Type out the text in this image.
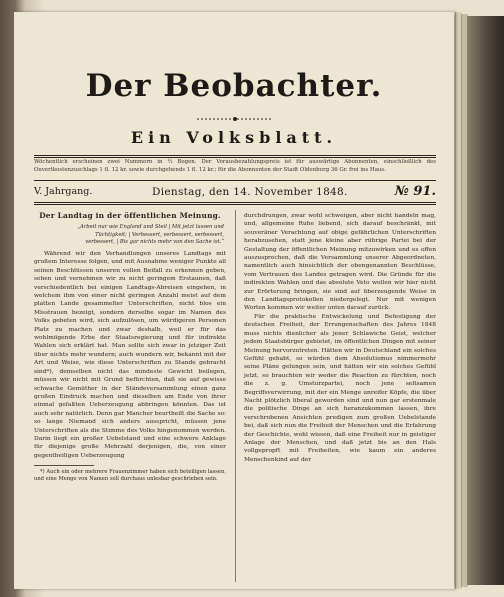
Der Beobachter.
Ein Volksblatt.
Wöchentlich erscheinen zwei Nummern in ½ Bogen. Der Vorausbezahlungspreis ist für auswärtige Abonnenten, einschließlich des Ouvertkostenzuschlags 1 fl. 12 kr. sowie durchgehends 1 fl. 12 kr.; für die Abonnenten der Stadt Oldenburg 36 Gr. frei ins Haus.
V. Jahrgang.	Dienstag, den 14. November 1848.	№ 91.
Der Landtag in der öffentlichen Meinung.
„Arbeit nur wie England und Steil | Mit jetzt lassen und Tüchtigkeit; | Verbessert, verbessert, verbessert, verbessert, | Bis gar nichts mehr von den Sache ist.“

Während wir den Verhandlungen unseres Landtags mit großem Interesse folgen, und mit Ausnahme weniger Punkte all seinen Beschlüssen unseren vollen Beifall zu erkennen geben, sehen und vernehmen wir zu nicht geringem Erstaunen, daß verschiedentlich bei einigen Landtags-Abreisen eingehen, in welchem ihm von einer nicht geringen Anzahl meist auf dem platten Lande gesammelter Unterschriften, nicht blos ein Misstrauen bezeigt, sondern derselbe sogar im Namen des Volks gebeten wird, sich aufzulösen, um würdigeren Personen Platz zu machen und zwar deshalb, weil er für das wohlmögende Erbe der Staatsregierung und für indirekte Wahlen sich erklärt hat. Man sollte sich zwar in jetziger Zeit über nichts mehr wundern; auch wundern wir, bekannt mit der Art und Weise, wie diese Unterschriften zu Stande gebracht sind*), demselben nicht das mindeste Gewicht beilegen, müssen wir nicht mit Grund befürchten, daß sie auf gewisse schwache Gemüther in der Ständeversammlung einen ganz großen Eindruck machen und dieselben am Ende von ihrer einmal gefaßten Ueberzeugung abbringen könnten. Das ist auch sehr natürlich. Denn gar Mancher beurtheilt die Sache so: so lange Niemand sich anders ausspricht, müssen jene Unterschriften als die Stimme des Volks hingenommen werden. Darin liegt ein großer Uebelstand und eine schwere Anklage für diejenige große Mehrzahl derjenigen, die, von einer gegentheiligen Ueberzeugung

*) Auch ein oder mehrere Frauenzimmer haben sich beteiligen lassen, und eine Menge von Namen soll durchaus unlesbar geschrieben sein.

durchdrungen, zwar wohl schweigen, aber nicht handeln mag, und, allgemeine Ruhe liebend, sich darauf beschränkt, mit souveräner Verachtung auf obige gefährlichen Unterschriften herabzusehen, statt jene kleine aber rührige Partei bei der Gestaltung der öffentlichen Meinung mitzuwirken und es offen auszusprechen, daß die Versammlung unserer Abgeordneten, namentlich auch hinsichtlich der obengenannten Beschlüsse, vom Vertrauen des Landes getragen wird. Die Gründe für die indirekten Wahlen und das absolute Veto wollen wir hier nicht zur Erörterung bringen, sie sind auf überzeugende Weise in den Landtagsprotokollen niedergelegt. Nur mit wenigen Worten kommen wir weiter unten darauf zurück.

Für die praktische Entwickelung und Befestigung der deutschen Freiheit, der Errungenschaften des Jahres 1848 muss nichts dienlicher als jener Schlawiche Geist, welcher jedem Staatsbürger gebietet, im öffentlichen Dingen mit seiner Meinung hervorzutreten. Hätten wir in Deutschland ein solches Gefühl gehabt, so würden dem Absolutismus nimmermehr seine Pläne gelungen sein, und hätten wir ein solches Gefühl jetzt, so brauchten wir weder die Reaction zu fürchten, noch die z. g. Umsturzpartei, noch jene seltsamen Begriffsverwirrung, mit der ein Menge unreifer Köpfe, die über Nacht plötzlich liberal geworden sind und nun gar erstenmale die politische Dinge an sich heranzukommen lassen, ihre verschrobenen Ansichten predigen zum großen Uebelstande bei, daß sich nun die Freiheit der Menschen und die Erfahrung der Geschichte, wohl wissen, daß eine Freiheit nur in geistiger Anlage der Menschen, und daß jetzt bis an den Hals vollgepropft mit Freiheiten, wie kaum ein anderes Menschenkind auf der
